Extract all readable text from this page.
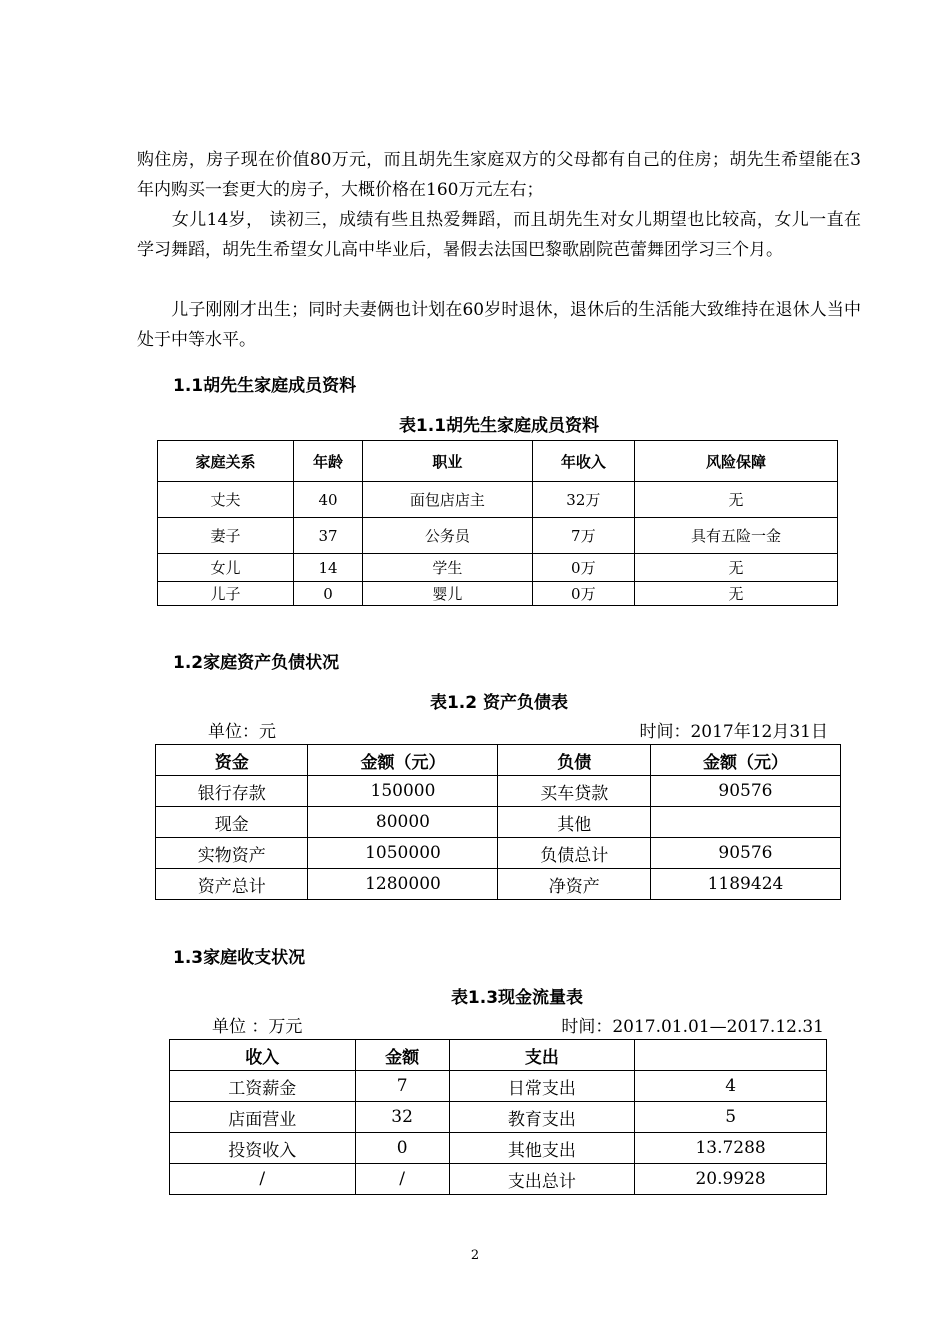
购住房，房子现在价值80万元，而且胡先生家庭双方的父母都有自己的住房；胡先生希望能在3年内购买一套更大的房子，大概价格在160万元左右；

　　女儿14岁， 读初三，成绩有些且热爱舞蹈，而且胡先生对女儿期望也比较高，女儿一直在学习舞蹈，胡先生希望女儿高中毕业后，暑假去法国巴黎歌剧院芭蕾舞团学习三个月。

　　儿子刚刚才出生；同时夫妻俩也计划在60岁时退休，退休后的生活能大致维持在退休人当中处于中等水平。

1.1胡先生家庭成员资料

表1.1胡先生家庭成员资料

家庭关系	年龄	职业	年收入	风险保障
丈夫	40	面包店店主	32万	无
妻子	37	公务员	7万	具有五险一金
女儿	14	学生	0万	无
儿子	0	婴儿	0万	无

1.2家庭资产负债状况

表1.2 资产负债表

单位：元	时间：2017年12月31日

资金	金额（元）	负债	金额（元）
银行存款	150000	买车贷款	90576
现金	80000	其他	
实物资产	1050000	负债总计	90576
资产总计	1280000	净资产	1189424

1.3家庭收支状况

表1.3现金流量表

单位 ：万元	时间：2017.01.01—2017.12.31

收入	金额	支出	
工资薪金	7	日常支出	4
店面营业	32	教育支出	5
投资收入	0	其他支出	13.7288
/	/	支出总计	20.9928
2
